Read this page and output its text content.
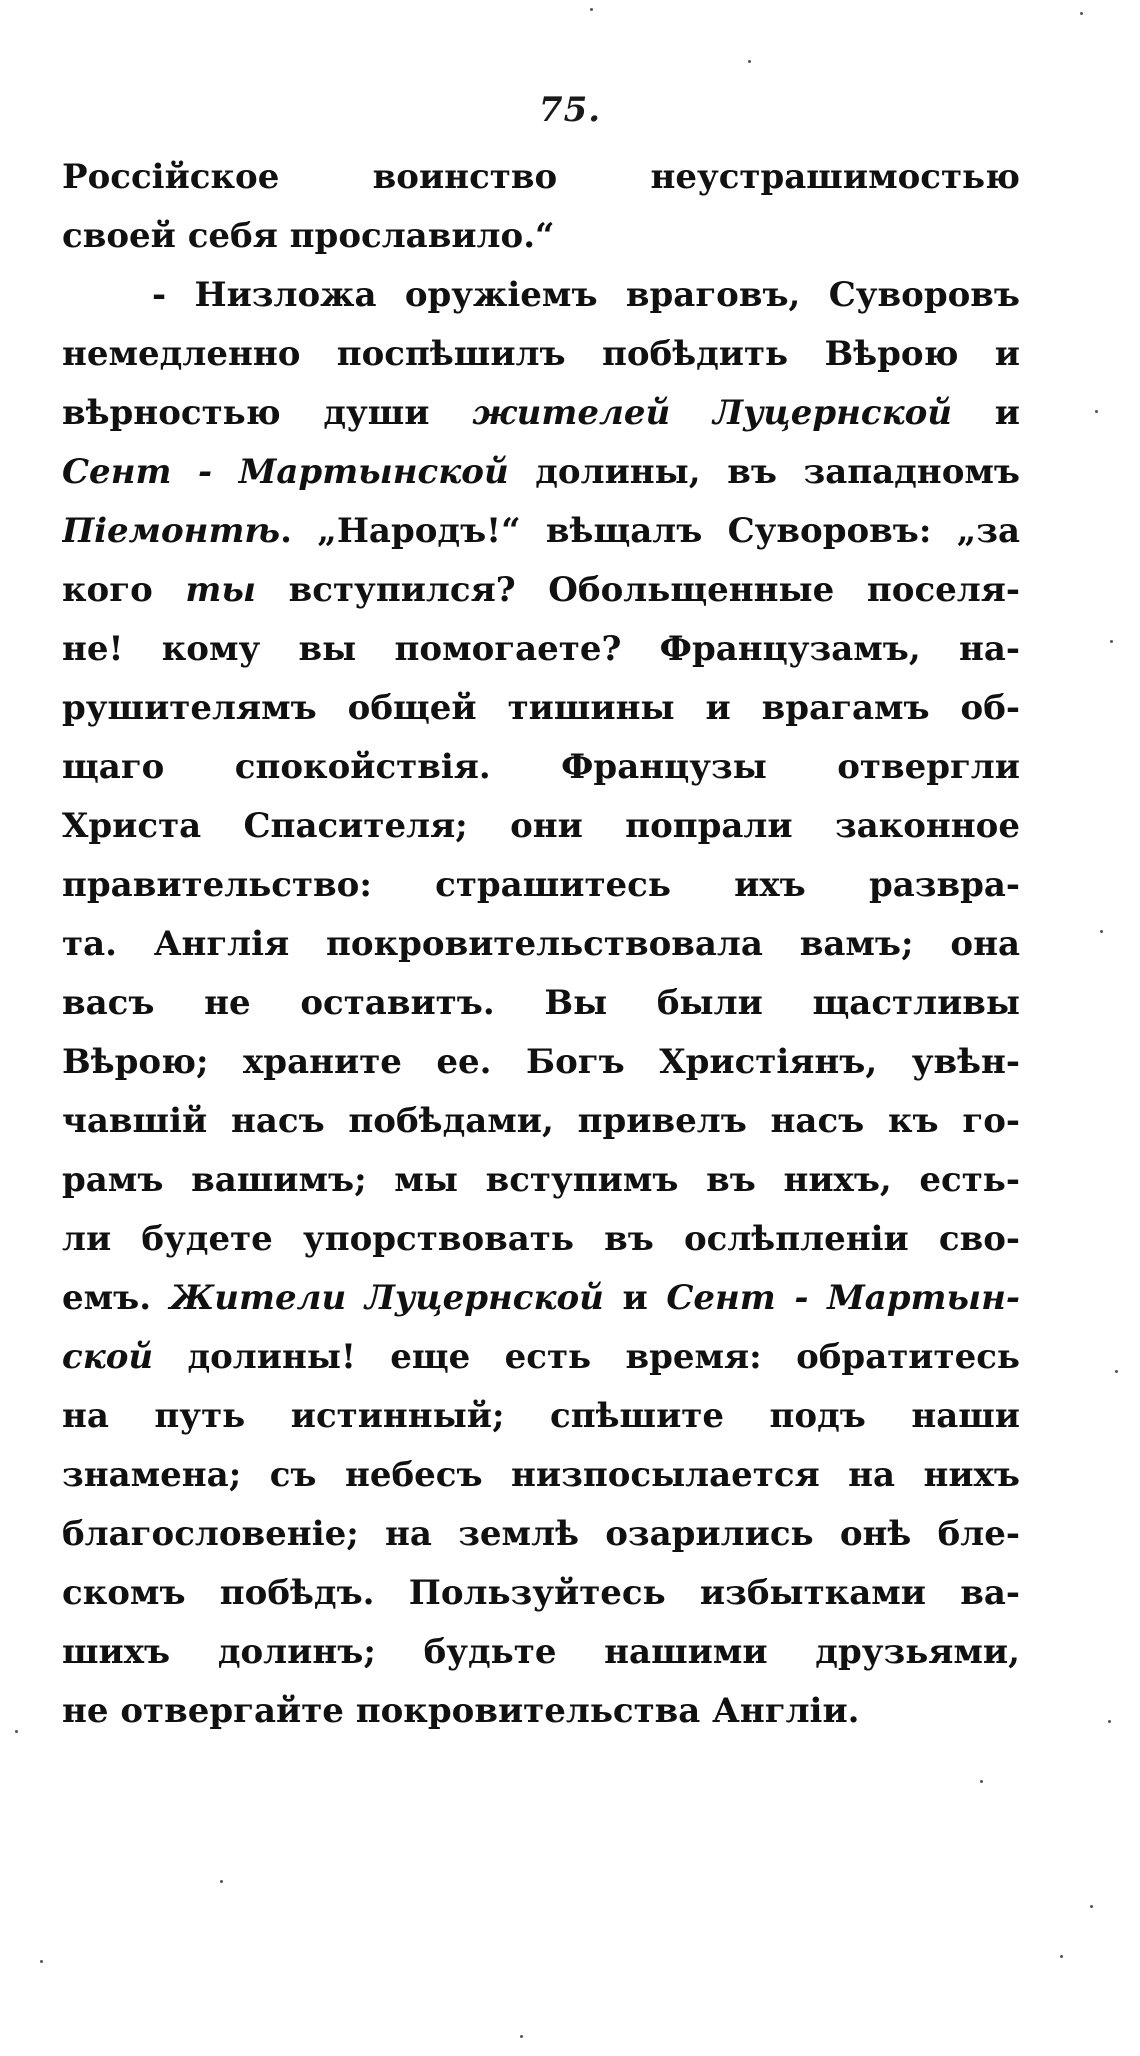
75.
Россійское воинство неустрашимостью
своей себя прославило.“
- Низложа оружіемъ враговъ, Суворовъ
немедленно поспѣшилъ побѣдить Вѣрою и
вѣрностью души жителей Луцернской и
Сент - Мартынской долины, въ западномъ
Піемонтѣ. „Народъ!“ вѣщалъ Суворовъ: „за
кого ты вступился? Обольщенные поселя-
не! кому вы помогаете? Французамъ, на-
рушителямъ общей тишины и врагамъ об-
щаго спокойствія. Французы отвергли
Христа Спасителя; они попрали законное
правительство: страшитесь ихъ развра-
та. Англія покровительствовала вамъ; она
васъ не оставитъ. Вы были щастливы
Вѣрою; храните ее. Богъ Христіянъ, увѣн-
чавшій насъ побѣдами, привелъ насъ къ го-
рамъ вашимъ; мы вступимъ въ нихъ, есть-
ли будете упорствовать въ ослѣпленіи сво-
емъ. Жители Луцернской и Сент - Мартын-
ской долины! еще есть время: обратитесь
на путь истинный; спѣшите подъ наши
знамена; съ небесъ низпосылается на нихъ
благословеніе; на землѣ озарились онѣ бле-
скомъ побѣдъ. Пользуйтесь избытками ва-
шихъ долинъ; будьте нашими друзьями,
не отвергайте покровительства Англіи.
